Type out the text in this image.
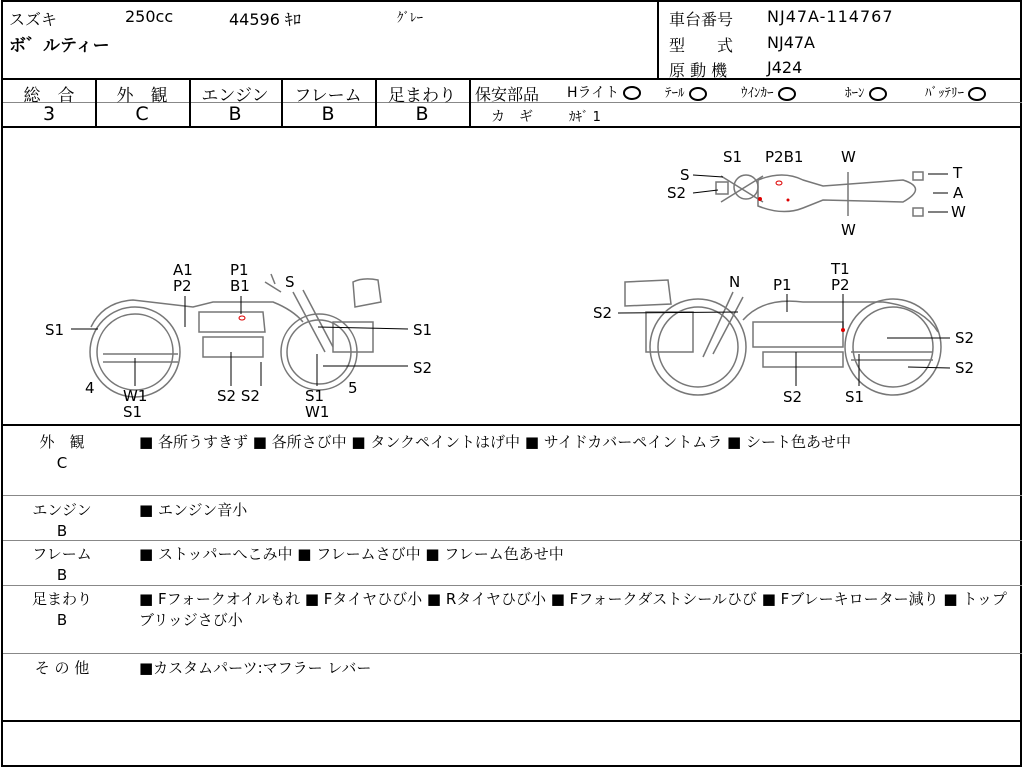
スズキ	250cc	44596 ｷﾛ	ｸﾞﾚｰ
ボ゛ルティー
車台番号 NJ47A-114767
型　　式 NJ47A
原 動 機 J424
総　合	外　観	エンジン	フレーム	足まわり
3	C	B	B	B
保安部品 Hライト	ﾃｰﾙ	ｳｲﾝｶｰ	ﾎｰﾝ	ﾊﾞｯﾃﾘｰ
カ　ギ	ｶｷﾞ 1
S1 P2B1	W
S
S2
T
A
W
W
A1
P2
P1
B1 S
S1	S1
S2
4 W1
S1
S2 S2	S1
W1
5
S2
N P1
T1
P2
S2
S2
S2	S1
外　観
C
■ 各所うすきず ■ 各所さび中 ■ タンクペイントはげ中 ■ サイドカバーペイントムラ ■ シート色あせ中
エンジン
B
■ エンジン音小
フレーム
B
■ ストッパーへこみ中 ■ フレームさび中 ■ フレーム色あせ中
足まわり
B
■ Fフォークオイルもれ ■ Fタイヤひび小 ■ Rタイヤひび小 ■ Fフォークダストシールひび ■ Fブレーキローター減り ■ トップブリッジさび小
そ の 他	■カスタムパーツ:マフラー レバー
